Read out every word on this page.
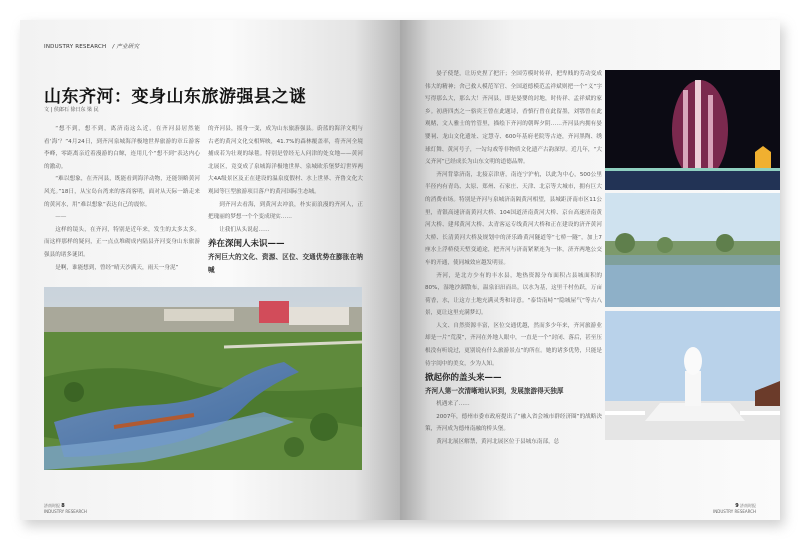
INDUSTRY RESEARCH / 产业研究
山东齐河：变身山东旅游强县之谜
文 | 侯郎石 徐日东 梁 民

“想不到，想不到，离济南这么近，在齐河县居然能看‘海’？”4月24日，到齐河泉城海洋极地世界旅游的章丘游客李峰，零距离亲近着漫游的白鲸，连用几个“想不到”表达内心的激动。

“难以想象，在齐河县，既能看到海洋动物，还能领略黄河风光。”18日，从宝岛台湾来的客商客明，面对从天际一路走来的黄河水，用“难以想象”表达自己的震惊。

——

这样的镜头，在齐河，特别是近年来，发生的太多太多。而这样那样的疑问，正一点点堆砌成内陆县齐河变身山东旅游强县的诸多谜团。

是啊，谁能想到，曾经“晴天沙满天，雨天一身泥”

的齐河县，摇身一变，成为山东旅游强县。蔚蓝的海洋文明与古老的黄河文化交相辉映，41.7%的森林覆盖率，将齐河全境捕成若为壮观的绿毯。特别是曾经无人问津的处女地——黄河北展区，竟变成了泉城海洋极地世界、泉城欧乐堡梦幻世界两大4A级景区及正在建设的温泉度假村、水上世界、齐鲁文化大观园等巨型旅游项目落户的黄河国际生态城。

到齐河去看海，到黄河去冲浪，朴实而浪漫的齐河人，正把瑰丽的梦想一个个变成现实……

让我们从头说起……

养在深闺人未识——
齐河巨大的文化、资源、区位、交通优势在膨胀在呐喊
济南时报 8
INDUSTRY RESEARCH

晏子使楚，让历史捏了把汗；全国劳模时传祥，把卑贱的劳动变成伟大的精神；舍己救人模范军官、全国道德模范孟祥斌则把一个“义”字写得那么大，那么大！齐河县，即是晏婴的封地，时传祥、孟祥斌的家乡。初唐四杰之一骆宾王曾在此题诗，香慎行曾在此留墨，刘鄂曾在此观赌，文人雅士的竹管里，描绘下齐河的朝晖夕阴……齐河县内拥有晏婴祠、龙山文化遗址、定慧寺、600年基府老院等古迹，齐河黑陶、绣球灯舞、黄河号子，一勾勾戏等非物质文化遗产古韵深厚。近几年，“大义齐河”已经成长为山东文明的道德品牌。

齐河背靠济南，北接京津唐，南连宁沪杭，以此为中心，500公里半径内有青岛、太原、郑州、石家庄、天津、北京等大城市，拥有巨大的消费市场。特别是齐河与泉城济南隔黄河相望，县城距济南市区11公里，青银高速济南黄河大桥、104国道济南黄河大桥、京台高速济南黄河大桥、建邦黄河大桥、太青客运专线黄河大桥和正在建设的济齐黄河大桥、长清黄河大桥及规划中的济乐路黄河隧道等“七桥一隧”，加上7座水上浮桥使天堑变通途，把齐河与济南紧紧连为一体，济齐两地公交车的开通，使同城效应越发明显。

齐河，是北方少有的丰水县，地热资源分布面积占县城面积的80%，湿地沙湖散布，温泉汩汩而出。以水为基，这里千村鱼跃，万亩荷香，水，让这方土地充满灵秀和诗意。“泰岱南峙”“隐城屋气”等古八景，更让这里充满梦幻。

人文、自然资源丰富，区位交通优越，然而多少年来，齐河旅游业却是一片“荒漠”，齐河在外地人眼中，一直是一个“封闭、落后，甚至压根没有听说过，更别说有什么旅游景点”的所在。她的诸多优势，只能是待字闺中的美女，少为人知。

掀起你的盖头来——
齐河人第一次清晰地认识到，发展旅游得天独厚

机遇来了……

2007年，德州市委市政府提出了“融入省会城市群经济圈”的战略决策，齐河成为德州南融的桥头堡。

黄河北展区解禁，黄河北展区位于县城东南部，总

9 济南时报
INDUSTRY RESEARCH
